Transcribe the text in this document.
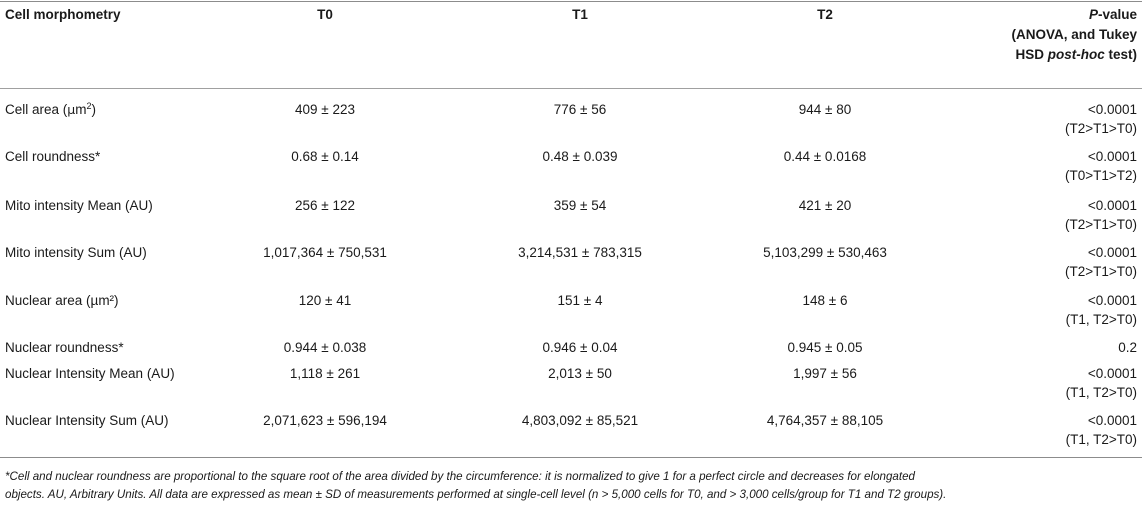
Cell morphometry	T0	T1	T2	P-value
(ANOVA, and Tukey
HSD post-hoc test)
Cell area $(\mu m^2)$	409 ± 223	776 ± 56	944 ± 80	<0.0001
(T2>T1>T0)
Cell roundness*	0.68 ± 0.14	0.48 ± 0.039	0.44 ± 0.0168	<0.0001
(T0>T1>T2)
Mito intensity Mean (AU)	256 ± 122	359 ± 54	421 ± 20	<0.0001
(T2>T1>T0)
Mito intensity Sum (AU)	1,017,364 ± 750,531	3,214,531 ± 783,315	5,103,299 ± 530,463	<0.0001
(T2>T1>T0)
Nuclear area (µm²)	120 ± 41	151 ± 4	148 ± 6	<0.0001
(T1, T2>T0)
Nuclear roundness*	0.944 ± 0.038	0.946 ± 0.04	0.945 ± 0.05	0.2
Nuclear Intensity Mean (AU)	1,118 ± 261	2,013 ± 50	1,997 ± 56	<0.0001
(T1, T2>T0)
Nuclear Intensity Sum (AU)	2,071,623 ± 596,194	4,803,092 ± 85,521	4,764,357 ± 88,105	<0.0001
(T1, T2>T0)
*Cell and nuclear roundness are proportional to the square root of the area divided by the circumference: it is normalized to give 1 for a perfect circle and decreases for elongated
objects. AU, Arbitrary Units. All data are expressed as mean ± SD of measurements performed at single-cell level (n > 5,000 cells for T0, and > 3,000 cells/group for T1 and T2 groups).
